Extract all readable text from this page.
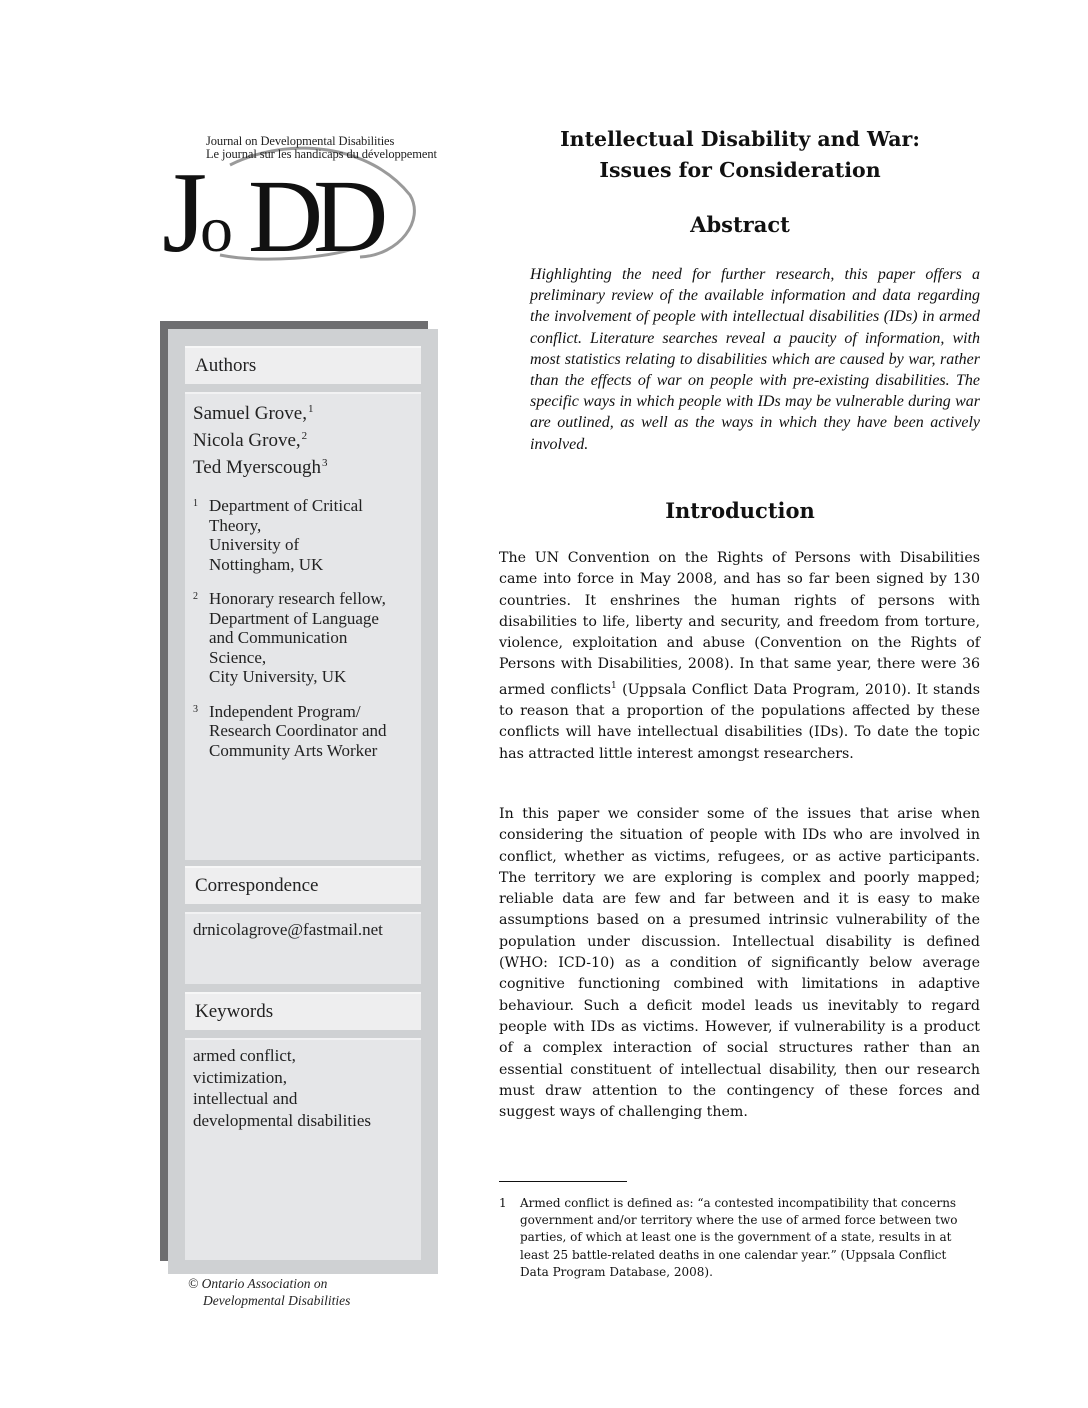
J
o DD
Journal on Developmental Disabilities
Le journal sur les handicaps du développement
Authors
Samuel Grove,$^1$
Nicola Grove,$^2$
Ted Myerscough$^3$
1 Department of Critical
Theory,
University of
Nottingham, UK
2 Honorary research fellow,
Department of Language
and Communication
Science,
City University, UK
3 Independent Program/
Research Coordinator and
Community Arts Worker
Correspondence
drnicolagrove@fastmail.net
Keywords
armed conflict,
victimization,
intellectual and
developmental disabilities
© Ontario Association on
Developmental Disabilities
Intellectual Disability and War:
Issues for Consideration
Abstract
Highlighting the need for further research, this paper offers a preliminary review of the available information and data regarding the involvement of people with intellectual disabilities (IDs) in armed conflict. Literature searches reveal a paucity of information, with most statistics relating to disabilities which are caused by war, rather than the effects of war on people with pre-existing disabilities. The specific ways in which people with IDs may be vulnerable during war are outlined, as well as the ways in which they have been actively involved.
Introduction
The UN Convention on the Rights of Persons with Disabilities came into force in May 2008, and has so far been signed by 130 countries. It enshrines the human rights of persons with disabilities to life, liberty and security, and freedom from torture, violence, exploitation and abuse (Convention on the Rights of Persons with Disabilities, 2008). In that same year, there were 36 armed conflicts$^1$ (Uppsala Conflict Data Program, 2010). It stands to reason that a proportion of the populations affected by these conflicts will have intellectual disabilities (IDs). To date the topic has attracted little interest amongst researchers.
In this paper we consider some of the issues that arise when considering the situation of people with IDs who are involved in conflict, whether as victims, refugees, or as active participants. The territory we are exploring is complex and poorly mapped; reliable data are few and far between and it is easy to make assumptions based on a presumed intrinsic vulnerability of the population under discussion. Intellectual disability is defined (WHO: ICD-10) as a condition of significantly below average cognitive functioning combined with limitations in adaptive behaviour. Such a deficit model leads us inevitably to regard people with IDs as victims. However, if vulnerability is a product of a complex interaction of social structures rather than an essential constituent of intellectual disability, then our research must draw attention to the contingency of these forces and suggest ways of challenging them.
1	Armed conflict is defined as: “a contested incompatibility that concerns government and/or territory where the use of armed force between two parties, of which at least one is the government of a state, results in at least 25 battle-related deaths in one calendar year.” (Uppsala Conflict Data Program Database, 2008).
